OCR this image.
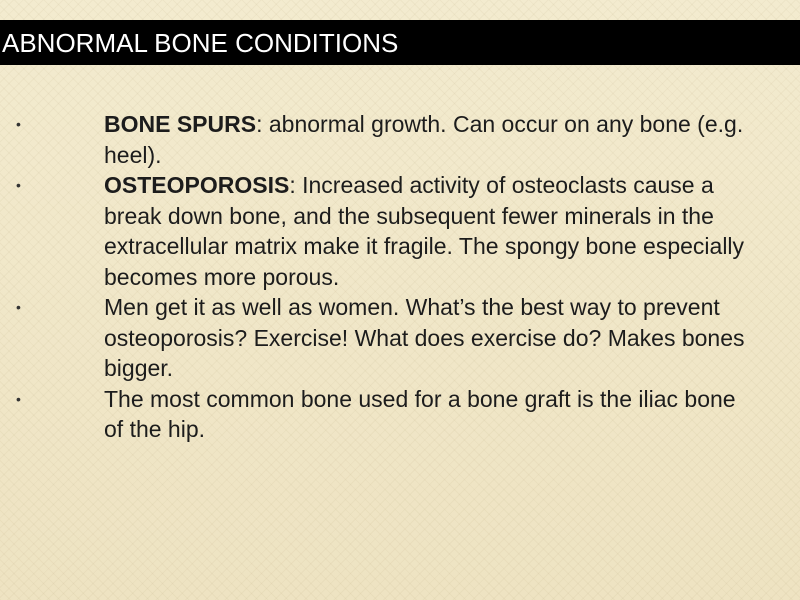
ABNORMAL BONE CONDITIONS
•	BONE SPURS: abnormal growth. Can occur on any bone (e.g. heel).
•	OSTEOPOROSIS: Increased activity of osteoclasts cause a break down bone, and the subsequent fewer minerals in the extracellular matrix make it fragile. The spongy bone especially becomes more porous.
•	Men get it as well as women. What’s the best way to prevent osteoporosis? Exercise! What does exercise do? Makes bones bigger.
•	The most common bone used for a bone graft is the iliac bone of the hip.
